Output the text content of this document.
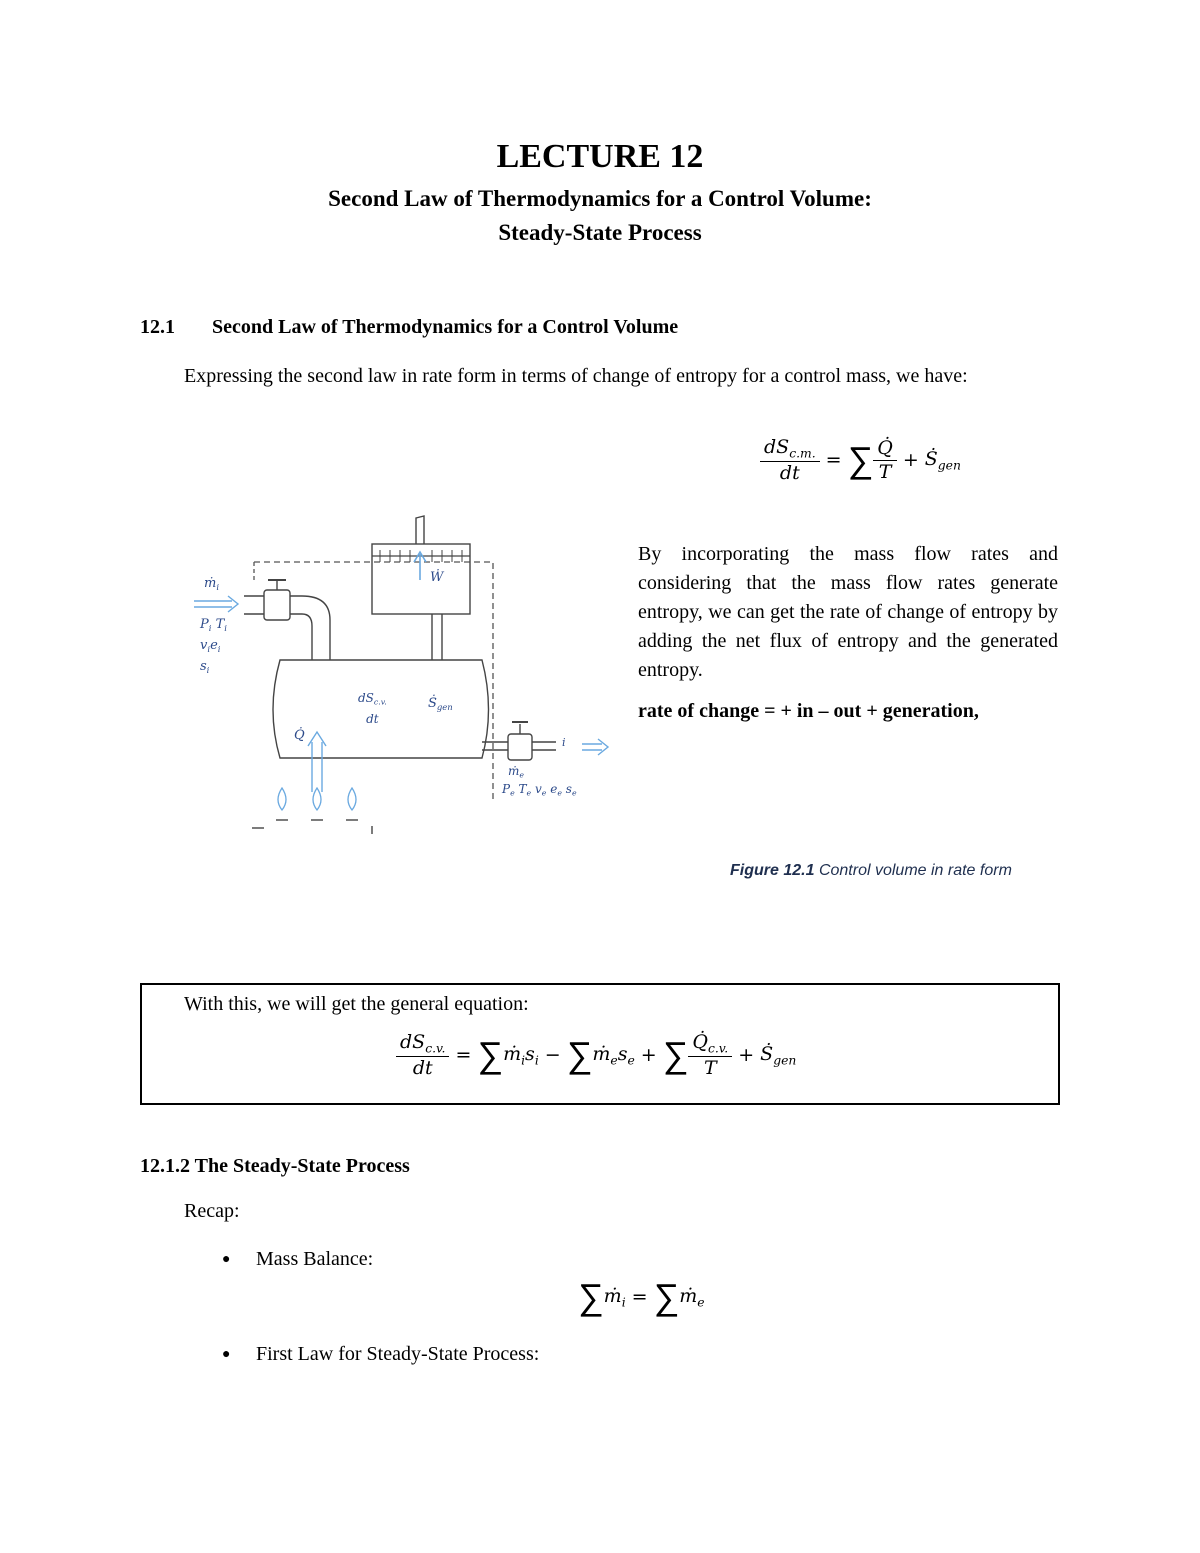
LECTURE 12
Second Law of Thermodynamics for a Control Volume:
Steady-State Process
12.1 Second Law of Thermodynamics for a Control Volume
Expressing the second law in rate form in terms of change of entropy for a control mass, we have:
$\frac{dS_{c.m.}}{dt}$ = ∑ $\frac{Q̇}{T}$ + Ṡ$_{gen}$
ṁ$_i$
$P_i$ $T_i$
$v_ie_i$
$s_i$
Ẇ
$dS_{c.v.}$
dt
Ṡ$_{gen}$
Q̇	i
ṁ$_e$
$P_e$ $T_e$ $v_e$ $e_e$ $s_e$
By incorporating the mass flow rates and considering that the mass flow rates generate entropy, we can get the rate of change of entropy by adding the net flux of entropy and the generated entropy.
rate of change = + in – out + generation,
Figure 12.1 Control volume in rate form
With this, we will get the general equation:
$\frac{dS_{c.v.}}{dt}$ = ∑ $ṁ_is_i$ − ∑ $ṁ_es_e$ + ∑ $\frac{Q̇_{c.v.}}{T}$ + Ṡ$_{gen}$
12.1.2 The Steady-State Process
Recap:
● Mass Balance:
∑ ṁ$_i$ = ∑ ṁ$_e$
● First Law for Steady-State Process:
